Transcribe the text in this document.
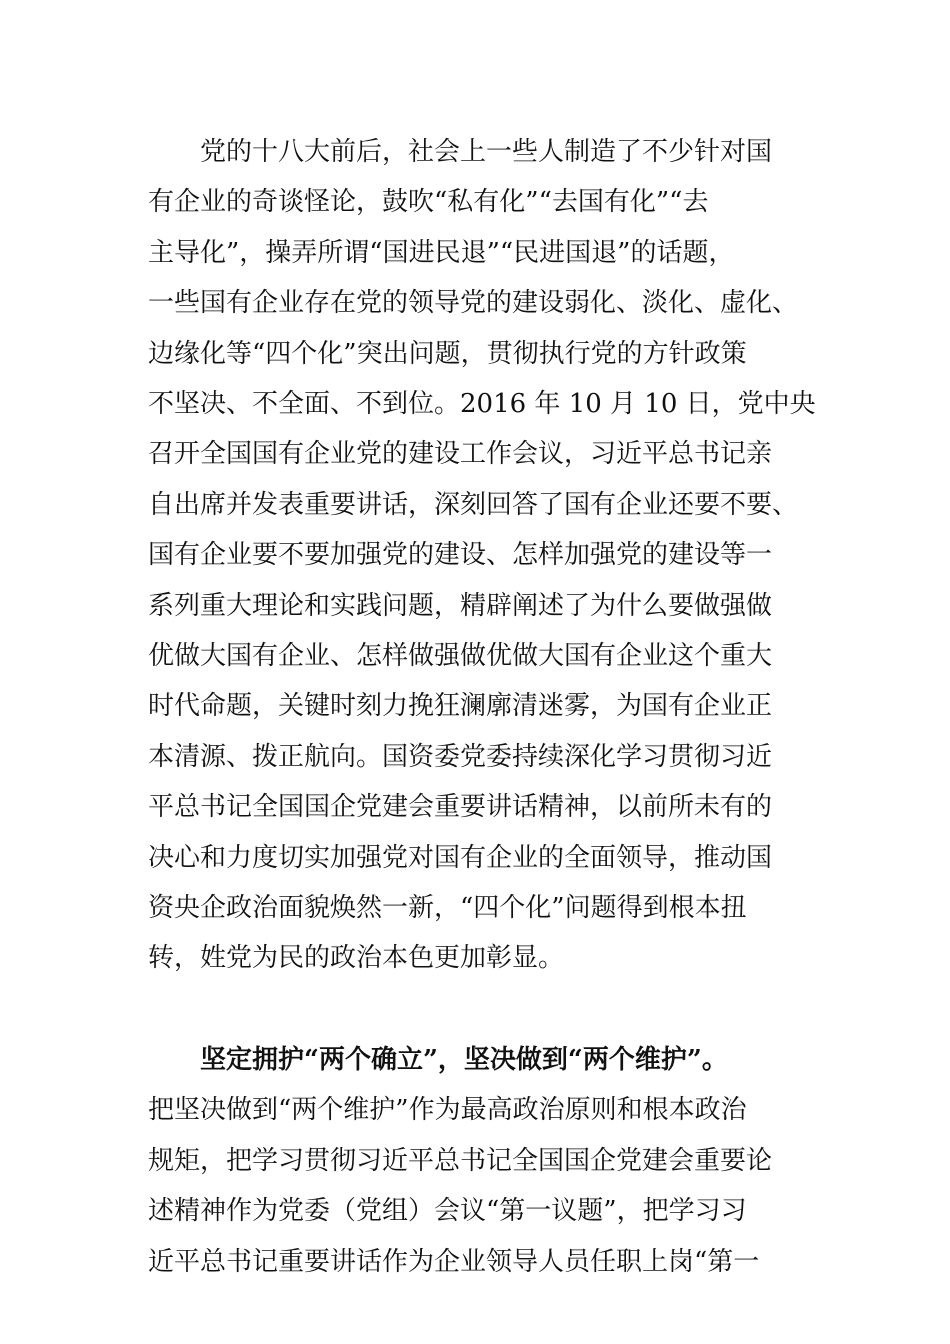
党的十八大前后，社会上一些人制造了不少针对国
有企业的奇谈怪论，鼓吹“私有化”“去国有化”“去
主导化”，操弄所谓“国进民退”“民进国退”的话题，
一些国有企业存在党的领导党的建设弱化、淡化、虚化、
边缘化等“四个化”突出问题，贯彻执行党的方针政策
不坚决、不全面、不到位。2016 年 10 月 10 日，党中央
召开全国国有企业党的建设工作会议，习近平总书记亲
自出席并发表重要讲话，深刻回答了国有企业还要不要、
国有企业要不要加强党的建设、怎样加强党的建设等一
系列重大理论和实践问题，精辟阐述了为什么要做强做
优做大国有企业、怎样做强做优做大国有企业这个重大
时代命题，关键时刻力挽狂澜廓清迷雾，为国有企业正
本清源、拨正航向。国资委党委持续深化学习贯彻习近
平总书记全国国企党建会重要讲话精神，以前所未有的
决心和力度切实加强党对国有企业的全面领导，推动国
资央企政治面貌焕然一新，“四个化”问题得到根本扭
转，姓党为民的政治本色更加彰显。
坚定拥护“两个确立”，坚决做到“两个维护”。
把坚决做到“两个维护”作为最高政治原则和根本政治
规矩，把学习贯彻习近平总书记全国国企党建会重要论
述精神作为党委（党组）会议“第一议题”，把学习习
近平总书记重要讲话作为企业领导人员任职上岗“第一
